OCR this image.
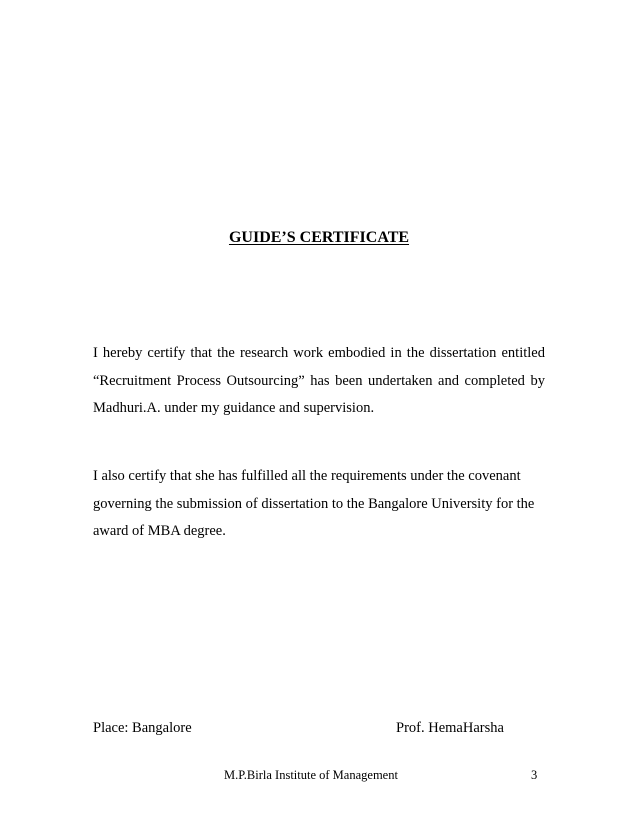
GUIDE’S CERTIFICATE

I hereby certify that the research work embodied in the dissertation entitled
“Recruitment Process Outsourcing” has been undertaken and completed by
Madhuri.A. under my guidance and supervision.

I also certify that she has fulfilled all the requirements under the covenant
governing the submission of dissertation to the Bangalore University for the
award of MBA degree.

Place: Bangalore	Prof. HemaHarsha
M.P.Birla Institute of Management	3
